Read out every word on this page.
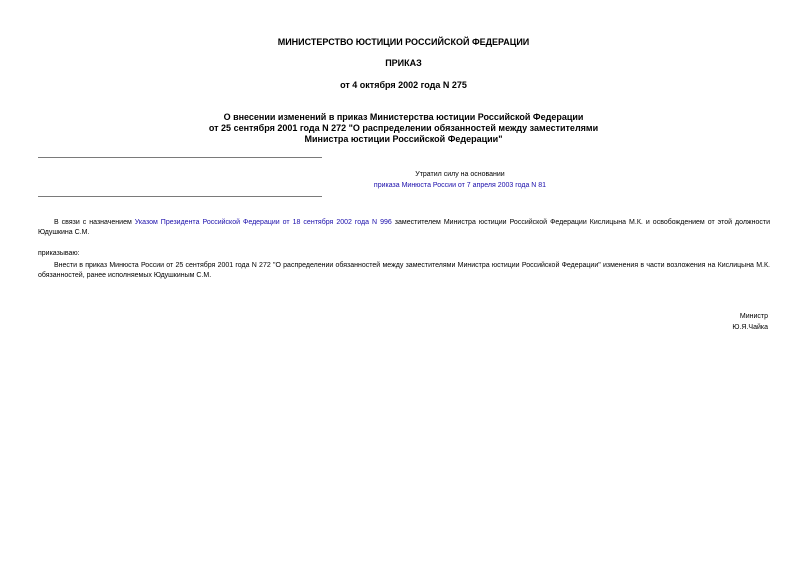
МИНИСТЕРСТВО ЮСТИЦИИ РОССИЙСКОЙ ФЕДЕРАЦИИ

ПРИКАЗ

от 4 октября 2002 года N 275

О внесении изменений в приказ Министерства юстиции Российской Федерации
от 25 сентября 2001 года N 272 "О распределении обязанностей между заместителями
Министра юстиции Российской Федерации"
Утратил силу на основании
приказа Минюста России от 7 апреля 2003 года N 81

В связи с назначением Указом Президента Российской Федерации от 18 сентября 2002 года N 996 заместителем Министра юстиции Российской Федерации Кислицына М.К. и освобождением от этой должности Юдушкина С.М.

приказываю:

Внести в приказ Минюста России от 25 сентября 2001 года N 272 "О распределении обязанностей между заместителями Министра юстиции Российской Федерации" изменения в части возложения на Кислицына М.К. обязанностей, ранее исполняемых Юдушкиным С.М.

Министр
Ю.Я.Чайка
